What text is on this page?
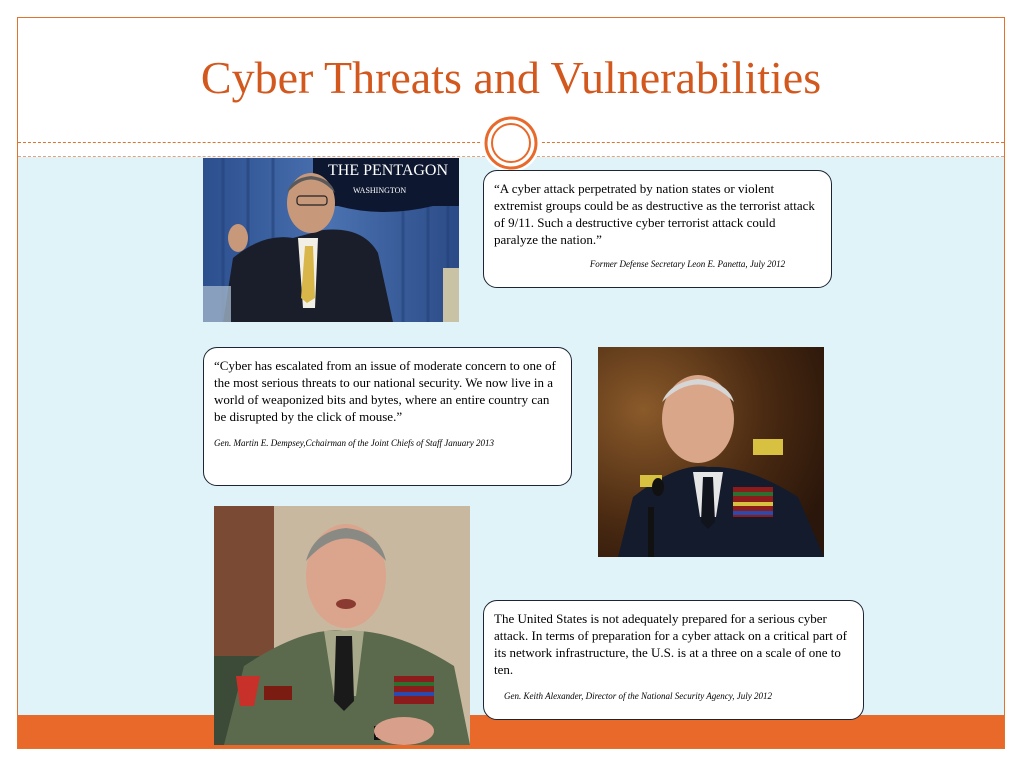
Cyber Threats and Vulnerabilities
THE PENTAGON
WASHINGTON	“A cyber attack perpetrated by nation states or violent extremist groups could be as destructive as the terrorist attack of 9/11. Such a destructive cyber terrorist attack could paralyze the nation.”

Former Defense Secretary Leon E. Panetta, July 2012

“Cyber has escalated from an issue of moderate concern to one of the most serious threats to our national security. We now live in a world of weaponized bits and bytes, where an entire country can be disrupted by the click of mouse.”

Gen. Martin E. Dempsey,Cchairman of the Joint Chiefs of Staff January 2013

The United States is not adequately prepared for a serious cyber attack. In terms of preparation for a cyber attack on a critical part of its network infrastructure, the U.S. is at a three on a scale of one to ten.

Gen. Keith Alexander, Director of the National Security Agency, July 2012
